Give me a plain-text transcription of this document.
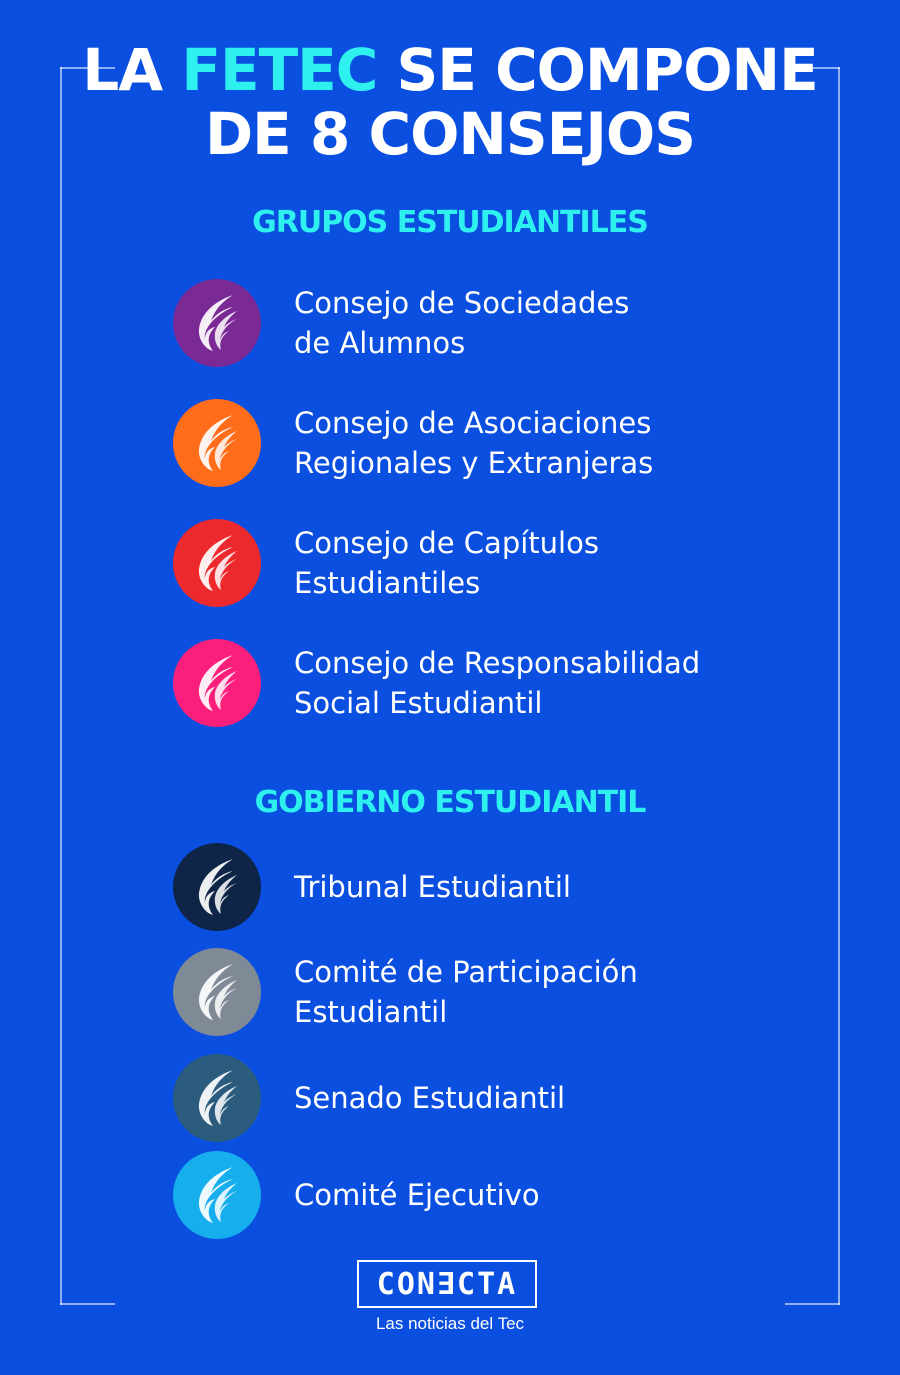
LA FETEC SE COMPONE
DE 8 CONSEJOS
GRUPOS ESTUDIANTILES
Consejo de Sociedades
de Alumnos
Consejo de Asociaciones
Regionales y Extranjeras
Consejo de Capítulos
Estudiantiles
Consejo de Responsabilidad
Social Estudiantil
GOBIERNO ESTUDIANTIL
Tribunal Estudiantil
Comité de Participación
Estudiantil
Senado Estudiantil
Comité Ejecutivo
CON∃CTA
Las noticias del Tec
